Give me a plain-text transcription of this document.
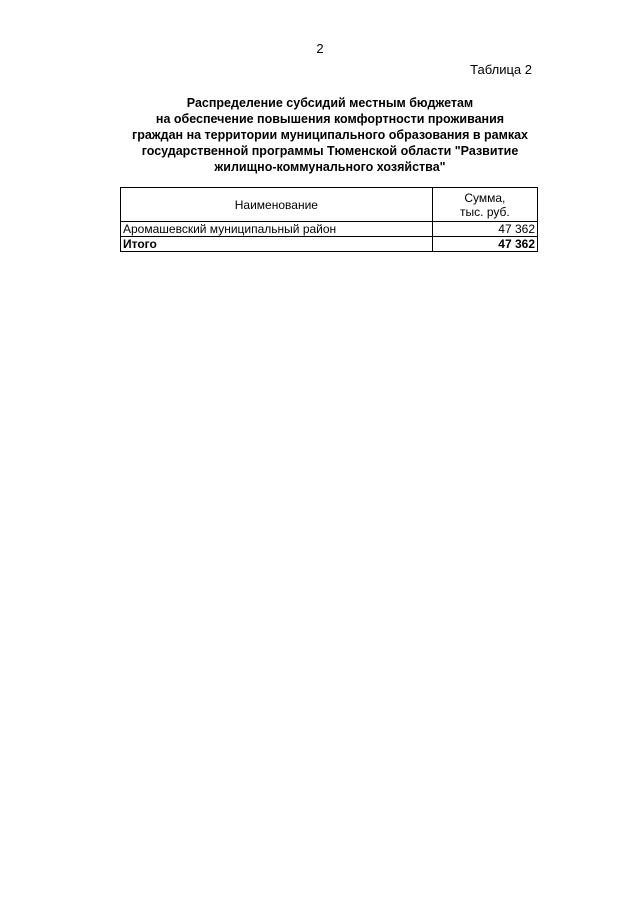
2
Таблица 2
Распределение субсидий местным бюджетам
на обеспечение повышения комфортности проживания
граждан на территории муниципального образования в рамках
государственной программы Тюменской области "Развитие
жилищно-коммунального хозяйства"
Наименование	Сумма,
тыс. руб.

Аромашевский муниципальный район	47 362
Итого	47 362
